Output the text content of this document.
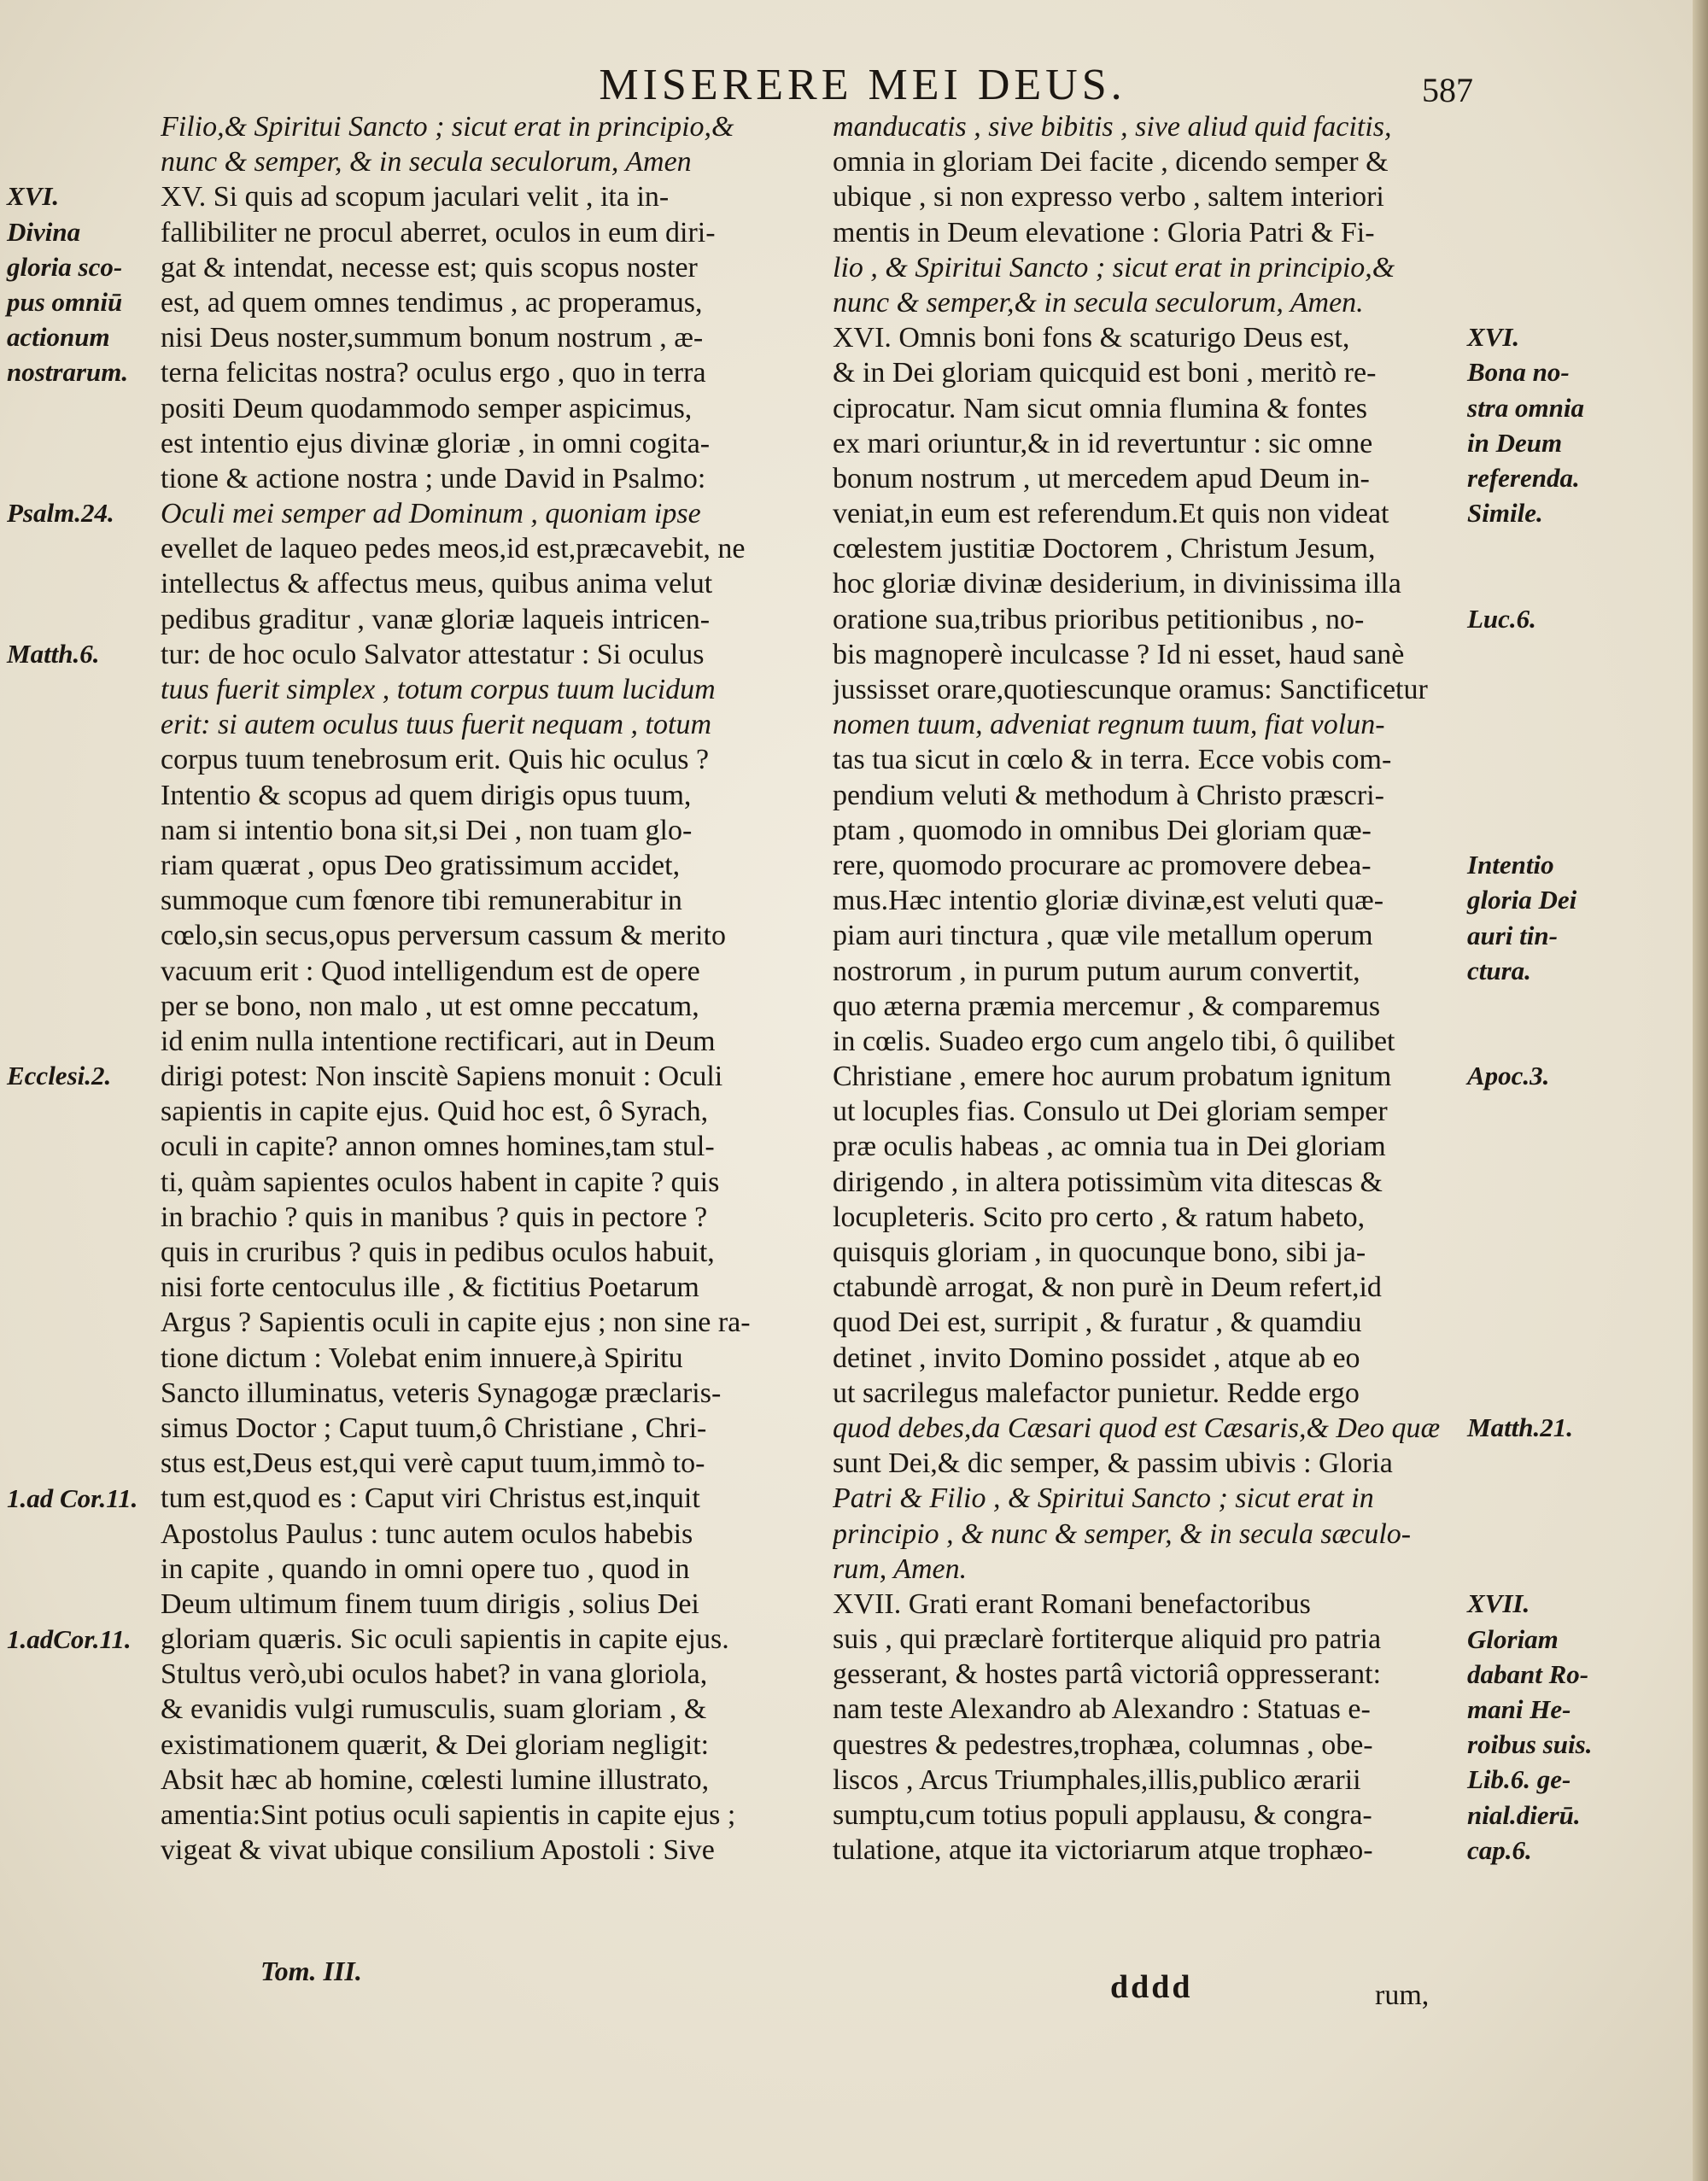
MISERERE MEI DEUS.	587
Filio,& Spiritui Sancto ; sicut erat in principio,&
nunc & semper, & in secula seculorum, Amen
XV. Si quis ad scopum jaculari velit , ita in-
fallibiliter ne procul aberret, oculos in eum diri-
gat & intendat, necesse est; quis scopus noster
est, ad quem omnes tendimus , ac properamus,
nisi Deus noster,summum bonum nostrum , æ-
terna felicitas nostra? oculus ergo , quo in terra
positi Deum quodammodo semper aspicimus,
est intentio ejus divinæ gloriæ , in omni cogita-
tione & actione nostra ; unde David in Psalmo:
Oculi mei semper ad Dominum , quoniam ipse
evellet de laqueo pedes meos,id est,præcavebit, ne
intellectus & affectus meus, quibus anima velut
pedibus graditur , vanæ gloriæ laqueis intricen-
tur: de hoc oculo Salvator attestatur : Si oculus
tuus fuerit simplex , totum corpus tuum lucidum
erit: si autem oculus tuus fuerit nequam , totum
corpus tuum tenebrosum erit. Quis hic oculus ?
Intentio & scopus ad quem dirigis opus tuum,
nam si intentio bona sit,si Dei , non tuam glo-
riam quærat , opus Deo gratissimum accidet,
summoque cum fœnore tibi remunerabitur in
cœlo,sin secus,opus perversum cassum & merito
vacuum erit : Quod intelligendum est de opere
per se bono, non malo , ut est omne peccatum,
id enim nulla intentione rectificari, aut in Deum
dirigi potest: Non inscitè Sapiens monuit : Oculi
sapientis in capite ejus. Quid hoc est, ô Syrach,
oculi in capite? annon omnes homines,tam stul-
ti, quàm sapientes oculos habent in capite ? quis
in brachio ? quis in manibus ? quis in pectore ?
quis in cruribus ? quis in pedibus oculos habuit,
nisi forte centoculus ille , & fictitius Poetarum
Argus ? Sapientis oculi in capite ejus ; non sine ra-
tione dictum : Volebat enim innuere,à Spiritu
Sancto illuminatus, veteris Synagogæ præclaris-
simus Doctor ; Caput tuum,ô Christiane , Chri-
stus est,Deus est,qui verè caput tuum,immò to-
tum est,quod es : Caput viri Christus est,inquit
Apostolus Paulus : tunc autem oculos habebis
in capite , quando in omni opere tuo , quod in
Deum ultimum finem tuum dirigis , solius Dei
gloriam quæris. Sic oculi sapientis in capite ejus.
Stultus verò,ubi oculos habet? in vana gloriola,
& evanidis vulgi rumusculis, suam gloriam , &
existimationem quærit, & Dei gloriam negligit:
Absit hæc ab homine, cœlesti lumine illustrato,
amentia:Sint potius oculi sapientis in capite ejus ;
vigeat & vivat ubique consilium Apostoli : Sive
manducatis , sive bibitis , sive aliud quid facitis,
omnia in gloriam Dei facite , dicendo semper &
ubique , si non expresso verbo , saltem interiori
mentis in Deum elevatione : Gloria Patri & Fi-
lio , & Spiritui Sancto ; sicut erat in principio,&
nunc & semper,& in secula seculorum, Amen.
XVI. Omnis boni fons & scaturigo Deus est,
& in Dei gloriam quicquid est boni , meritò re-
ciprocatur. Nam sicut omnia flumina & fontes
ex mari oriuntur,& in id revertuntur : sic omne
bonum nostrum , ut mercedem apud Deum in-
veniat,in eum est referendum.Et quis non videat
cœlestem justitiæ Doctorem , Christum Jesum,
hoc gloriæ divinæ desiderium, in divinissima illa
oratione sua,tribus prioribus petitionibus , no-
bis magnoperè inculcasse ? Id ni esset, haud sanè
jussisset orare,quotiescunque oramus: Sanctificetur
nomen tuum, adveniat regnum tuum, fiat volun-
tas tua sicut in cœlo & in terra. Ecce vobis com-
pendium veluti & methodum à Christo præscri-
ptam , quomodo in omnibus Dei gloriam quæ-
rere, quomodo procurare ac promovere debea-
mus.Hæc intentio gloriæ divinæ,est veluti quæ-
piam auri tinctura , quæ vile metallum operum
nostrorum , in purum putum aurum convertit,
quo æterna præmia mercemur , & comparemus
in cœlis. Suadeo ergo cum angelo tibi, ô quilibet
Christiane , emere hoc aurum probatum ignitum
ut locuples fias. Consulo ut Dei gloriam semper
præ oculis habeas , ac omnia tua in Dei gloriam
dirigendo , in altera potissimùm vita ditescas &
locupleteris. Scito pro certo , & ratum habeto,
quisquis gloriam , in quocunque bono, sibi ja-
ctabundè arrogat, & non purè in Deum refert,id
quod Dei est, surripit , & furatur , & quamdiu
detinet , invito Domino possidet , atque ab eo
ut sacrilegus malefactor punietur. Redde ergo
quod debes,da Cæsari quod est Cæsaris,& Deo quæ
sunt Dei,& dic semper, & passim ubivis : Gloria
Patri & Filio , & Spiritui Sancto ; sicut erat in
principio , & nunc & semper, & in secula sæculo-
rum, Amen.
XVII. Grati erant Romani benefactoribus
suis , qui præclarè fortiterque aliquid pro patria
gesserant, & hostes partâ victoriâ oppresserant:
nam teste Alexandro ab Alexandro : Statuas e-
questres & pedestres,trophæa, columnas , obe-
liscos , Arcus Triumphales,illis,publico ærarii
sumptu,cum totius populi applausu, & congra-
tulatione, atque ita victoriarum atque trophæo-
XVI.
Divina
gloria sco-
pus omniū
actionum
nostrarum.
Psalm.24.
Matth.6.
Ecclesi.2.
1.ad Cor.11.
1.adCor.11.
XVI.
Bona no-
stra omnia
in Deum
referenda.
Simile.
Luc.6.
Intentio
gloria Dei
auri tin-
ctura.
Apoc.3.
Matth.21.
XVII.
Gloriam
dabant Ro-
mani He-
roibus suis.
Lib.6. ge-
nial.dierū.
cap.6.
Tom. III.	dddd	rum,
